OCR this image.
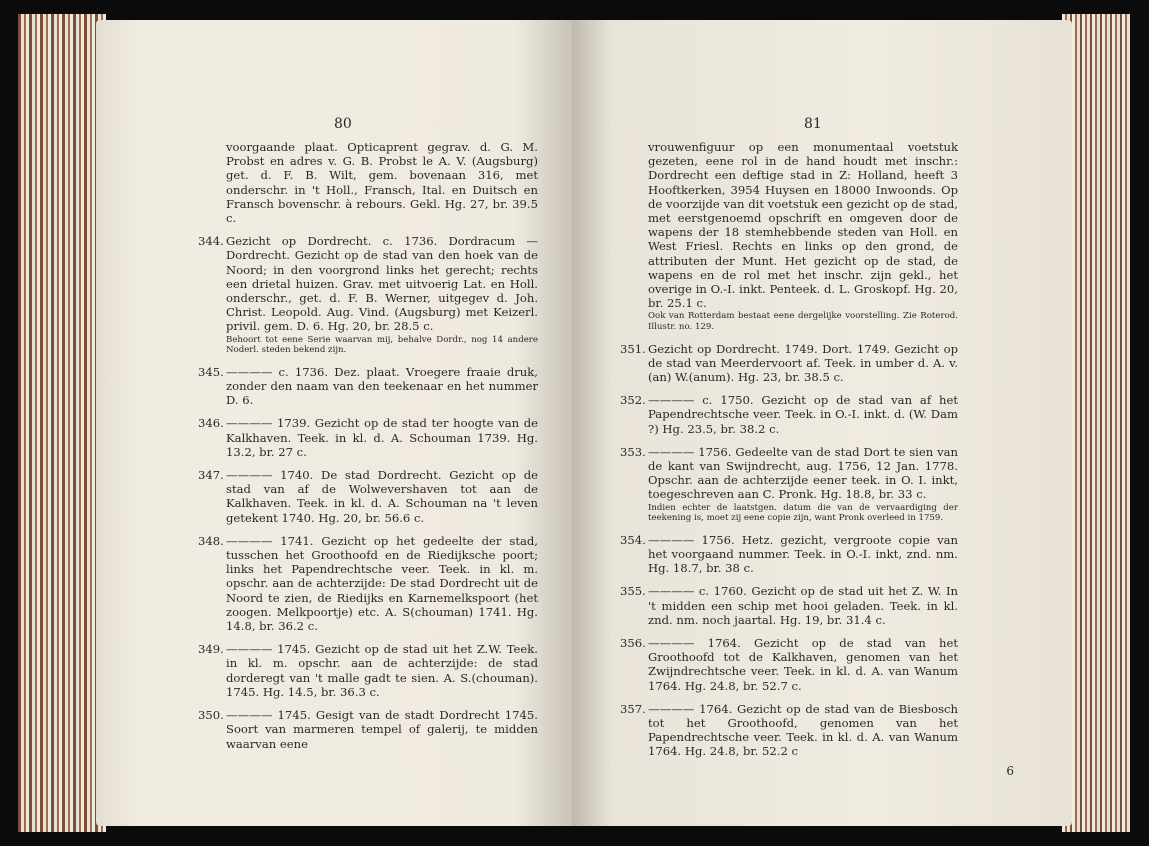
80

voorgaande plaat. Opticaprent gegrav. d. G. M. Probst en adres v. G. B. Probst le A. V. (Augsburg) get. d. F. B. Wilt, gem. bovenaan 316, met onderschr. in 't Holl., Fransch, Ital. en Duitsch en Fransch bovenschr. à rebours. Gekl. Hg. 27, br. 39.5 c.

344. Gezicht op Dordrecht. c. 1736. Dordracum — Dordrecht. Gezicht op de stad van den hoek van de Noord; in den voorgrond links het gerecht; rechts een drietal huizen. Grav. met uitvoerig Lat. en Holl. onderschr., get. d. F. B. Werner, uitgegev d. Joh. Christ. Leopold. Aug. Vind. (Augsburg) met Keizerl. privil. gem. D. 6. Hg. 20, br. 28.5 c.

Behoort tot eene Serie waarvan mij, behalve Dordr., nog 14 andere Noderl. steden bekend zijn.

345. ———— c. 1736. Dez. plaat. Vroegere fraaie druk, zonder den naam van den teekenaar en het nummer D. 6.

346. ———— 1739. Gezicht op de stad ter hoogte van de Kalkhaven. Teek. in kl. d. A. Schouman 1739. Hg. 13.2, br. 27 c.

347. ———— 1740. De stad Dordrecht. Gezicht op de stad van af de Wolwevershaven tot aan de Kalkhaven. Teek. in kl. d. A. Schouman na 't leven getekent 1740. Hg. 20, br. 56.6 c.

348. ———— 1741. Gezicht op het gedeelte der stad, tusschen het Groothoofd en de Riedijksche poort; links het Papendrechtsche veer. Teek. in kl. m. opschr. aan de achterzijde: De stad Dordrecht uit de Noord te zien, de Riedijks en Karnemelkspoort (het zoogen. Melkpoortje) etc. A. S(chouman) 1741. Hg. 14.8, br. 36.2 c.

349. ———— 1745. Gezicht op de stad uit het Z.W. Teek. in kl. m. opschr. aan de achterzijde: de stad dorderegt van 't malle gadt te sien. A. S.(chouman). 1745. Hg. 14.5, br. 36.3 c.

350. ———— 1745. Gesigt van de stadt Dordrecht 1745. Soort van marmeren tempel of galerij, te midden waarvan eene

81

vrouwenfiguur op een monumentaal voetstuk gezeten, eene rol in de hand houdt met inschr.: Dordrecht een deftige stad in Z: Holland, heeft 3 Hooftkerken, 3954 Huysen en 18000 Inwoonds. Op de voorzijde van dit voetstuk een gezicht op de stad, met eerstgenoemd opschrift en omgeven door de wapens der 18 stemhebbende steden van Holl. en West Friesl. Rechts en links op den grond, de attributen der Munt. Het gezicht op de stad, de wapens en de rol met het inschr. zijn gekl., het overige in O.-I. inkt. Penteek. d. L. Groskopf. Hg. 20, br. 25.1 c.
Ook van Rotterdam bestaat eene dergelijke voorstelling. Zie Roterod. Illustr. no. 129.

351. Gezicht op Dordrecht. 1749. Dort. 1749. Gezicht op de stad van Meerdervoort af. Teek. in umber d. A. v.(an) W.(anum). Hg. 23, br. 38.5 c.

352. ———— c. 1750. Gezicht op de stad van af het Papendrechtsche veer. Teek. in O.-I. inkt. d. (W. Dam ?) Hg. 23.5, br. 38.2 c.

353. ———— 1756. Gedeelte van de stad Dort te sien van de kant van Swijndrecht, aug. 1756, 12 Jan. 1778. Opschr. aan de achterzijde eener teek. in O. I. inkt, toegeschreven aan C. Pronk. Hg. 18.8, br. 33 c.

Indien echter de laatstgen. datum die van de vervaardiging der teekening is, moet zij eene copie zijn, want Pronk overleed in 1759.

354. ———— 1756. Hetz. gezicht, vergroote copie van het voorgaand nummer. Teek. in O.-I. inkt, znd. nm. Hg. 18.7, br. 38 c.

355. ———— c. 1760. Gezicht op de stad uit het Z. W. In 't midden een schip met hooi geladen. Teek. in kl. znd. nm. noch jaartal. Hg. 19, br. 31.4 c.

356. ———— 1764. Gezicht op de stad van het Groothoofd tot de Kalkhaven, genomen van het Zwijndrechtsche veer. Teek. in kl. d. A. van Wanum 1764. Hg. 24.8, br. 52.7 c.

357. ———— 1764. Gezicht op de stad van de Biesbosch tot het Groothoofd, genomen van het Papendrechtsche veer. Teek. in kl. d. A. van Wanum 1764. Hg. 24.8, br. 52.2 c

6
